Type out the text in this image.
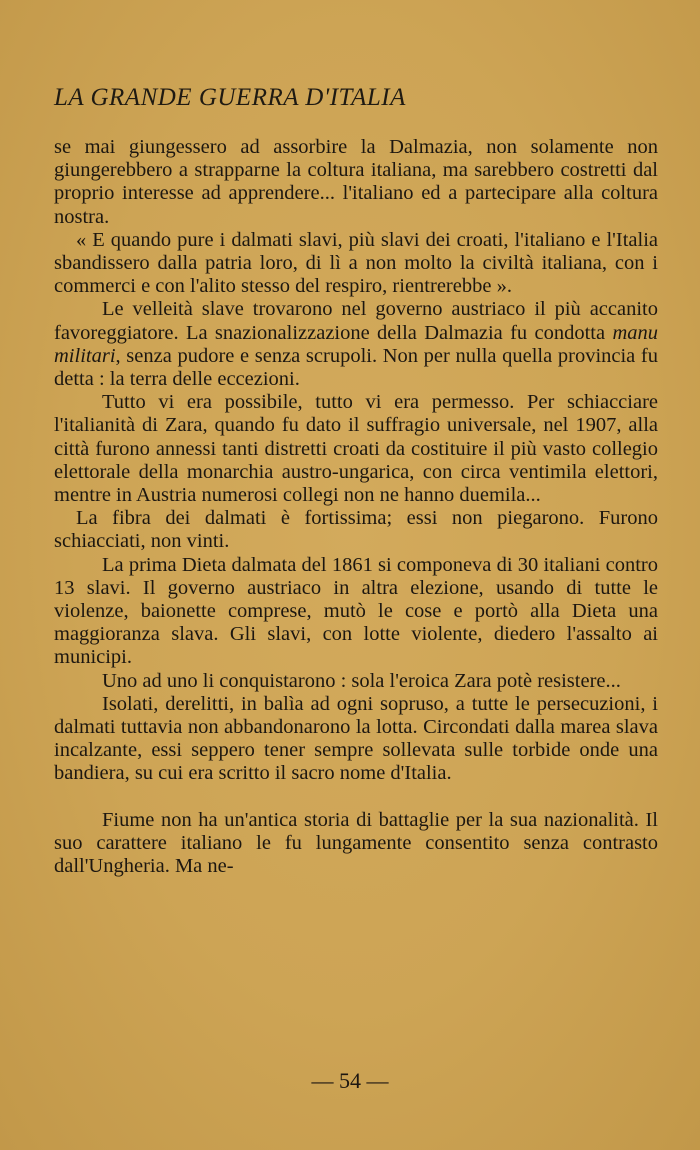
LA GRANDE GUERRA D'ITALIA

se mai giungessero ad assorbire la Dalmazia, non solamente non giungerebbero a strapparne la coltura italiana, ma sarebbero costretti dal proprio interesse ad apprendere... l'italiano ed a partecipare alla coltura nostra.

« E quando pure i dalmati slavi, più slavi dei croati, l'italiano e l'Italia sbandissero dalla patria loro, di lì a non molto la civiltà italiana, con i commerci e con l'alito stesso del respiro, rientrerebbe ».

Le velleità slave trovarono nel governo austriaco il più accanito favoreggiatore. La snazionalizzazione della Dalmazia fu condotta manu militari, senza pudore e senza scrupoli. Non per nulla quella provincia fu detta : la terra delle eccezioni.

Tutto vi era possibile, tutto vi era permesso. Per schiacciare l'italianità di Zara, quando fu dato il suffragio universale, nel 1907, alla città furono annessi tanti distretti croati da costituire il più vasto collegio elettorale della monarchia austro-ungarica, con circa ventimila elettori, mentre in Austria numerosi collegi non ne hanno duemila...

La fibra dei dalmati è fortissima; essi non piegarono. Furono schiacciati, non vinti.

La prima Dieta dalmata del 1861 si componeva di 30 italiani contro 13 slavi. Il governo austriaco in altra elezione, usando di tutte le violenze, baionette comprese, mutò le cose e portò alla Dieta una maggioranza slava. Gli slavi, con lotte violente, diedero l'assalto ai municipi.

Uno ad uno li conquistarono : sola l'eroica Zara potè resistere...

Isolati, derelitti, in balìa ad ogni sopruso, a tutte le persecuzioni, i dalmati tuttavia non abbandonarono la lotta. Circondati dalla marea slava incalzante, essi seppero tener sempre sollevata sulle torbide onde una bandiera, su cui era scritto il sacro nome d'Italia.

Fiume non ha un'antica storia di battaglie per la sua nazionalità. Il suo carattere italiano le fu lungamente consentito senza contrasto dall'Ungheria. Ma ne-

— 54 —
